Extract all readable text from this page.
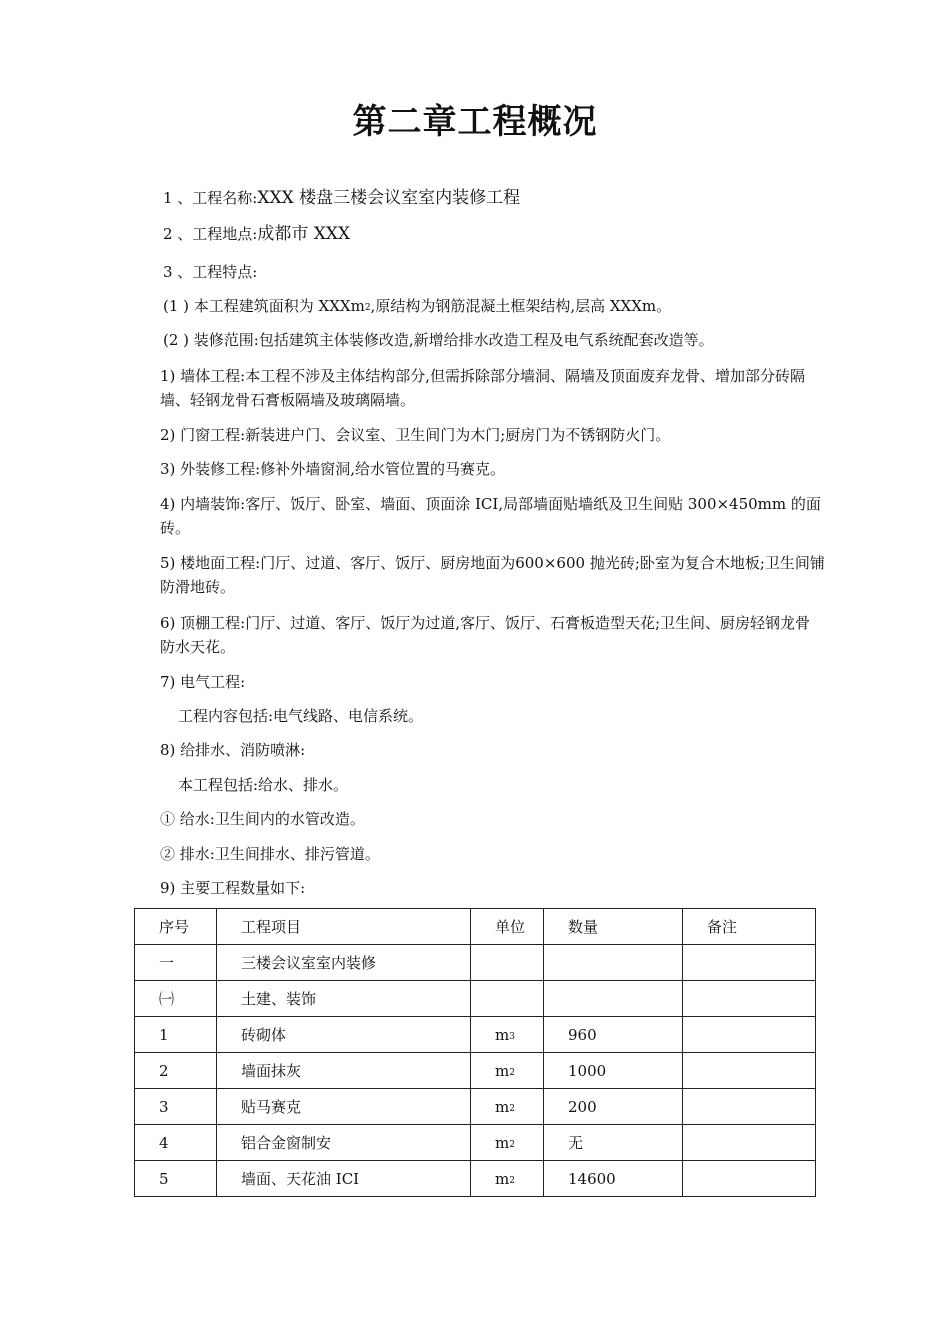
第二章工程概况
1 、工程名称:XXX 楼盘三楼会议室室内装修工程
2 、工程地点:成都市 XXX
3 、工程特点:
(1 ) 本工程建筑面积为 XXXm$^2$,原结构为钢筋混凝土框架结构,层高 XXXm。
(2 ) 装修范围:包括建筑主体装修改造,新增给排水改造工程及电气系统配套改造等。
1) 墙体工程:本工程不涉及主体结构部分,但需拆除部分墙洞、隔墙及顶面废弃龙骨、增加部分砖隔墙、轻钢龙骨石膏板隔墙及玻璃隔墙。
2) 门窗工程:新装进户门、会议室、卫生间门为木门;厨房门为不锈钢防火门。
3) 外装修工程:修补外墙窗洞,给水管位置的马赛克。
4) 内墙装饰:客厅、饭厅、卧室、墙面、顶面涂 ICI,局部墙面贴墙纸及卫生间贴 300×450mm 的面砖。
5) 楼地面工程:门厅、过道、客厅、饭厅、厨房地面为600×600 抛光砖;卧室为复合木地板;卫生间铺防滑地砖。
6) 顶棚工程:门厅、过道、客厅、饭厅为过道,客厅、饭厅、石膏板造型天花;卫生间、厨房轻钢龙骨防水天花。
7) 电气工程:
工程内容包括:电气线路、电信系统。
8) 给排水、消防喷淋:
本工程包括:给水、排水。
① 给水:卫生间内的水管改造。
② 排水:卫生间排水、排污管道。
9) 主要工程数量如下:
序号	工程项目	单位	数量	备注
一	三楼会议室室内装修			
㈠	土建、装饰			
1	砖砌体	$m^3$	960	
2	墙面抹灰	$m^2$	1000	
3	贴马赛克	$m^2$	200	
4	铝合金窗制安	$m^2$	无	
5	墙面、天花油 ICI	$m^2$	14600	
